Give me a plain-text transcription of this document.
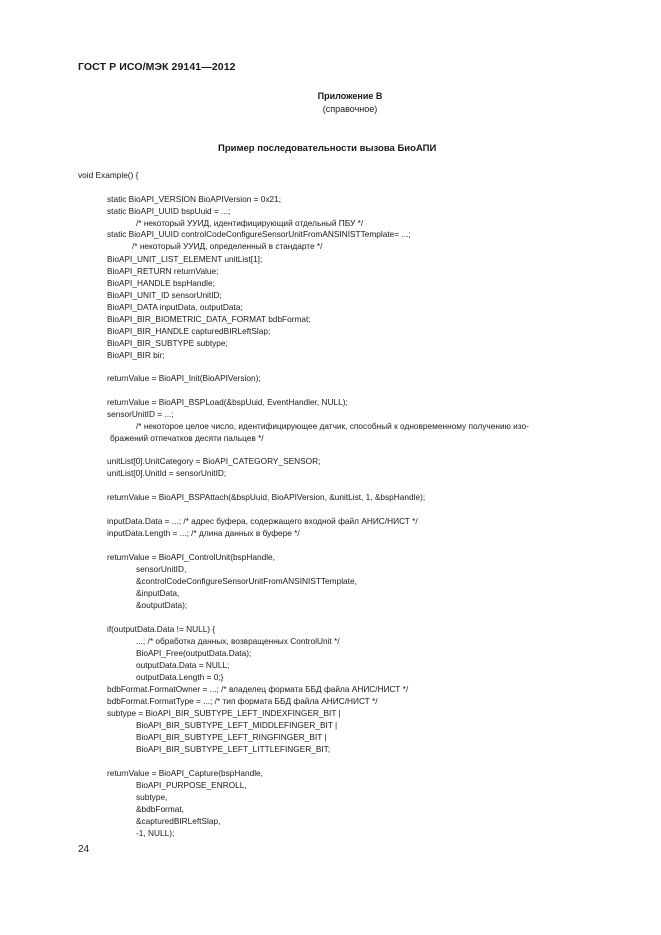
ГОСТ Р ИСО/МЭК 29141—2012
Приложение В
(справочное)
Пример последовательности вызова БиоАПИ
void Example() {
static BioAPI_VERSION BioAPIVersion = 0x21;
static BioAPI_UUID bspUuid = ...;
/* некоторый УУИД, идентифицирующий отдельный ПБУ */
static BioAPI_UUID controlCodeConfigureSensorUnitFromANSINISTTemplate= ...;
/* некоторый УУИД, определенный в стандарте */
BioAPI_UNIT_LIST_ELEMENT unitList[1];
BioAPI_RETURN returnValue;
BioAPI_HANDLE bspHandle;
BioAPI_UNIT_ID sensorUnitID;
BioAPI_DATA inputData, outputData;
BioAPI_BIR_BIOMETRIC_DATA_FORMAT bdbFormat;
BioAPI_BIR_HANDLE capturedBIRLeftSlap;
BioAPI_BIR_SUBTYPE subtype;
BioAPI_BIR bir;
returnValue = BioAPI_Init(BioAPIVersion);
returnValue = BioAPI_BSPLoad(&bspUuid, EventHandler, NULL);
sensorUnitID = ...;
/* некоторое целое число, идентифицирующее датчик, способный к одновременному получению изо-
бражений отпечатков десяти пальцев */
unitList[0].UnitCategory = BioAPI_CATEGORY_SENSOR;
unitList[0].UnitId = sensorUnitID;
returnValue = BioAPI_BSPAttach(&bspUuid, BioAPIVersion, &unitList, 1, &bspHandle);
inputData.Data = ...; /* адрес буфера, содержащего входной файл АНИС/НИСТ */
inputData.Length = ...; /* длина данных в буфере */
returnValue = BioAPI_ControlUnit(bspHandle,
sensorUnitID,
&controlCodeConfigureSensorUnitFromANSINISTTemplate,
&inputData,
&outputData);
if(outputData.Data != NULL) {
...; /* обработка данных, возвращенных ControlUnit */
BioAPI_Free(outputData.Data);
outputData.Data = NULL;
outputData.Length = 0;}
bdbFormat.FormatOwner = ...; /* владелец формата ББД файла АНИС/НИСТ */
bdbFormat.FormatType = ...; /* тип формата ББД файла АНИС/НИСТ */
subtype = BioAPI_BIR_SUBTYPE_LEFT_INDEXFINGER_BIT |
BioAPI_BIR_SUBTYPE_LEFT_MIDDLEFINGER_BIT |
BioAPI_BIR_SUBTYPE_LEFT_RINGFINGER_BIT |
BioAPI_BIR_SUBTYPE_LEFT_LITTLEFINGER_BIT;
returnValue = BioAPI_Capture(bspHandle,
BioAPI_PURPOSE_ENROLL,
subtype,
&bdbFormat,
&capturedBIRLeftSlap,
-1, NULL);
24
